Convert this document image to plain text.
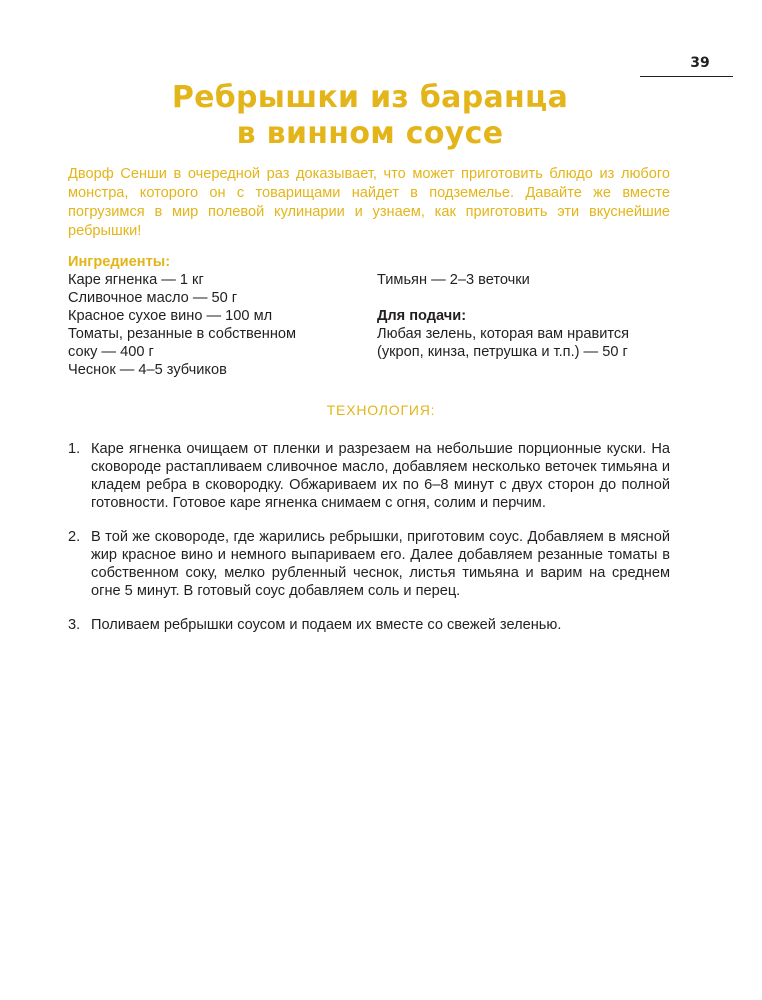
39
Ребрышки из баранца
в винном соусе

Дворф Сенши в очередной раз доказывает, что может приготовить блюдо из любого монстра, которого он с товарищами найдет в подземелье. Давайте же вместе погрузимся в мир полевой кулинарии и узнаем, как приготовить эти вкуснейшие ребрышки!

Ингредиенты:

Каре ягненка — 1 кг

Сливочное масло — 50 г

Красное сухое вино — 100 мл

Томаты, резанные в собственном

соку — 400 г

Чеснок — 4–5 зубчиков

Тимьян — 2–3 веточки

Для подачи:

Любая зелень, которая вам нравится

(укроп, кинза, петрушка и т.п.) — 50 г

ТЕХНОЛОГИЯ:

1. Каре ягненка очищаем от пленки и разрезаем на небольшие порционные куски. На сковороде растапливаем сливочное масло, добавляем несколько веточек тимьяна и кладем ребра в сковородку. Обжариваем их по 6–8 минут с двух сторон до полной готовности. Готовое каре ягненка снимаем с огня, солим и перчим.
2. В той же сковороде, где жарились ребрышки, приготовим соус. Добавляем в мясной жир красное вино и немного выпариваем его. Далее добавляем резанные томаты в собственном соку, мелко рубленный чеснок, листья тимьяна и варим на среднем огне 5 минут. В готовый соус добавляем соль и перец.
3. Поливаем ребрышки соусом и подаем их вместе со свежей зеленью.
